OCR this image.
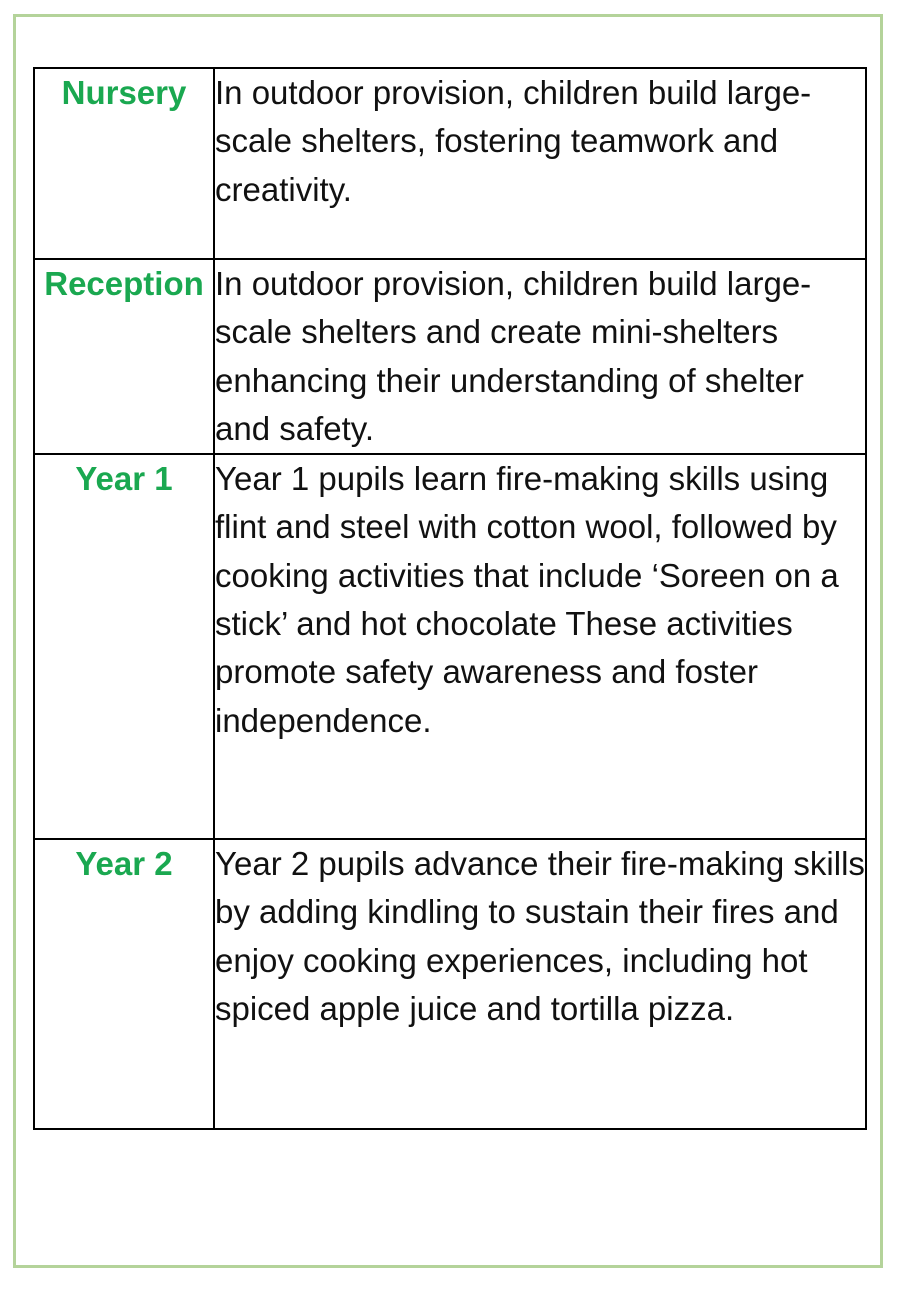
Nursery	In outdoor provision, children build large-scale shelters, fostering teamwork and creativity.
Reception	In outdoor provision, children build large-scale shelters and create mini-shelters enhancing their understanding of shelter and safety.
Year 1	Year 1 pupils learn fire-making skills using flint and steel with cotton wool, followed by cooking activities that include ‘Soreen on a stick’ and hot chocolate These activities promote safety awareness and foster independence.
Year 2	Year 2 pupils advance their fire-making skills by adding kindling to sustain their fires and enjoy cooking experiences, including hot spiced apple juice and tortilla pizza.
